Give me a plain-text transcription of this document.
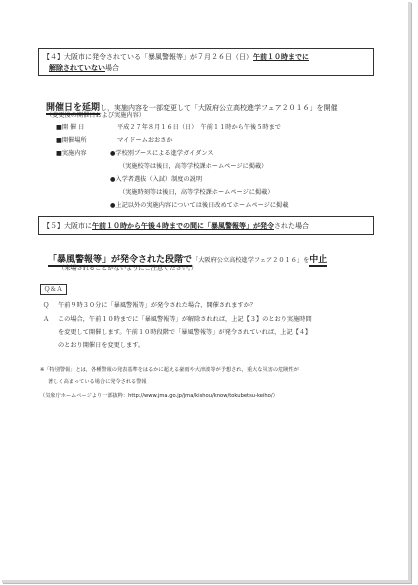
【４】大阪市に発令されている「暴風警報等」が７月２６日（日）午前１０時までに
解除されていない場合
開催日を延期し，実施内容を一部変更して「大阪府公立高校進学フェア２０１６」を開催
（変更後の開催日および実施内容）
■開 催 日	平成２７年８月１６日（日）　午前１１時から午後５時まで
■開催場所	マイドームおおさか
■実施内容	●学校別ブースによる進学ガイダンス
（実施校等は後日，高等学校課ホームページに掲載）
●入学者選抜（入試）制度の説明
（実施時刻等は後日，高等学校課ホームページに掲載）
●上記以外の実施内容については後日改めてホームページに掲載
【５】大阪市に午前１０時から午後４時までの間に「暴風警報等」が発令された場合
「暴風警報等」が発令された段階で「大阪府公立高校進学フェア２０１６」を中止
（来場されることがないようにご注意ください。）
Ｑ＆Ａ
Ｑ 午前９時３０分に「暴風警報等」が発令された場合，開催されますか？
Ａ この場合，午前１０時までに「暴風警報等」が解除されれば，上記【３】のとおり実施時間
を変更して開催します。午前１０時段階で「暴風警報等」が発令されていれば，上記【４】
のとおり開催日を変更します。
※「特別警報」とは，各種警報の発表基準をはるかに超える豪雨や大津波等が予想され，重大な災害の危険性が
著しく高まっている場合に発令される警報
（気象庁ホームページより一部抜粋：http://www.jma.go.jp/jma/kishou/know/tokubetsu-keiho/）
